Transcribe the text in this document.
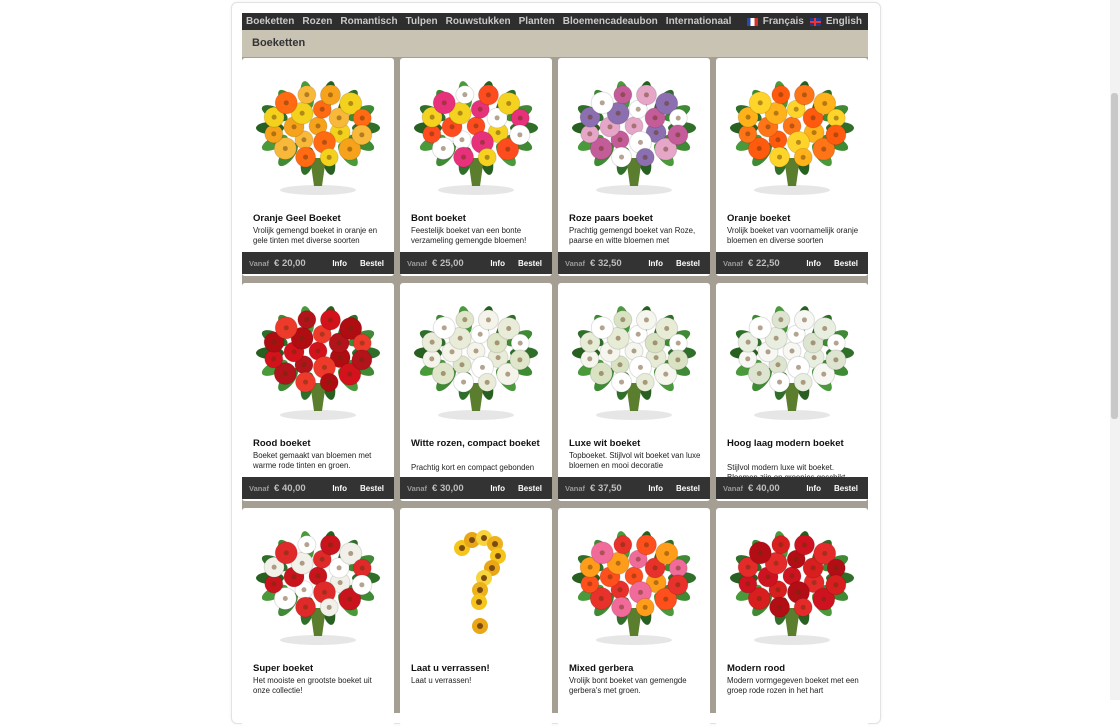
Boeketten Rozen Romantisch Tulpen Rouwstukken Planten Bloemencadeaubon Internationaal	Français English
Boeketten
Oranje Geel Boeket
Vrolijk gemengd boeket in oranje en gele tinten met diverse soorten
Vanaf € 20,00	Info Bestel
Bont boeket
Feestelijk boeket van een bonte verzameling gemengde bloemen!
Vanaf € 25,00	Info Bestel
Roze paars boeket
Prachtig gemengd boeket van Roze, paarse en witte bloemen met
Vanaf € 32,50	Info Bestel
Oranje boeket
Vrolijk boeket van voornamelijk oranje bloemen en diverse soorten
Vanaf € 22,50	Info Bestel
Rood boeket
Boeket gemaakt van bloemen met warme rode tinten en groen.
Vanaf € 40,00	Info Bestel
Witte rozen, compact boeket
Prachtig kort en compact gebonden
Vanaf € 30,00	Info Bestel
Luxe wit boeket
Topboeket. Stijlvol wit boeket van luxe bloemen en mooi decoratie
Vanaf € 37,50	Info Bestel
Hoog laag modern boeket
Stijlvol modern luxe wit boeket.
Vanaf € 40,00	Info Bestel
Super boeket
Het mooiste en grootste boeket uit onze collectie!
Laat u verrassen!
Laat u verrassen!
Mixed gerbera
Vrolijk bont boeket van gemengde gerbera's met groen.
Modern rood
Modern vormgegeven boeket met een groep rode rozen in het hart
